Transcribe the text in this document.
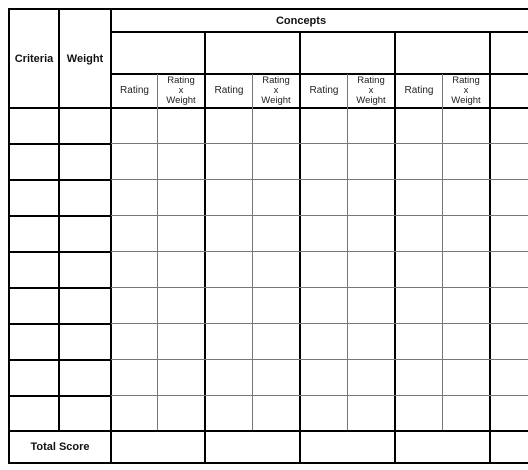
Criteria	Weight
Concepts
Rating
Rating
x
Weight
Rating
Rating
x
Weight
Rating
Rating
x
Weight
Rating
Rating
x
Weight
Total Score
